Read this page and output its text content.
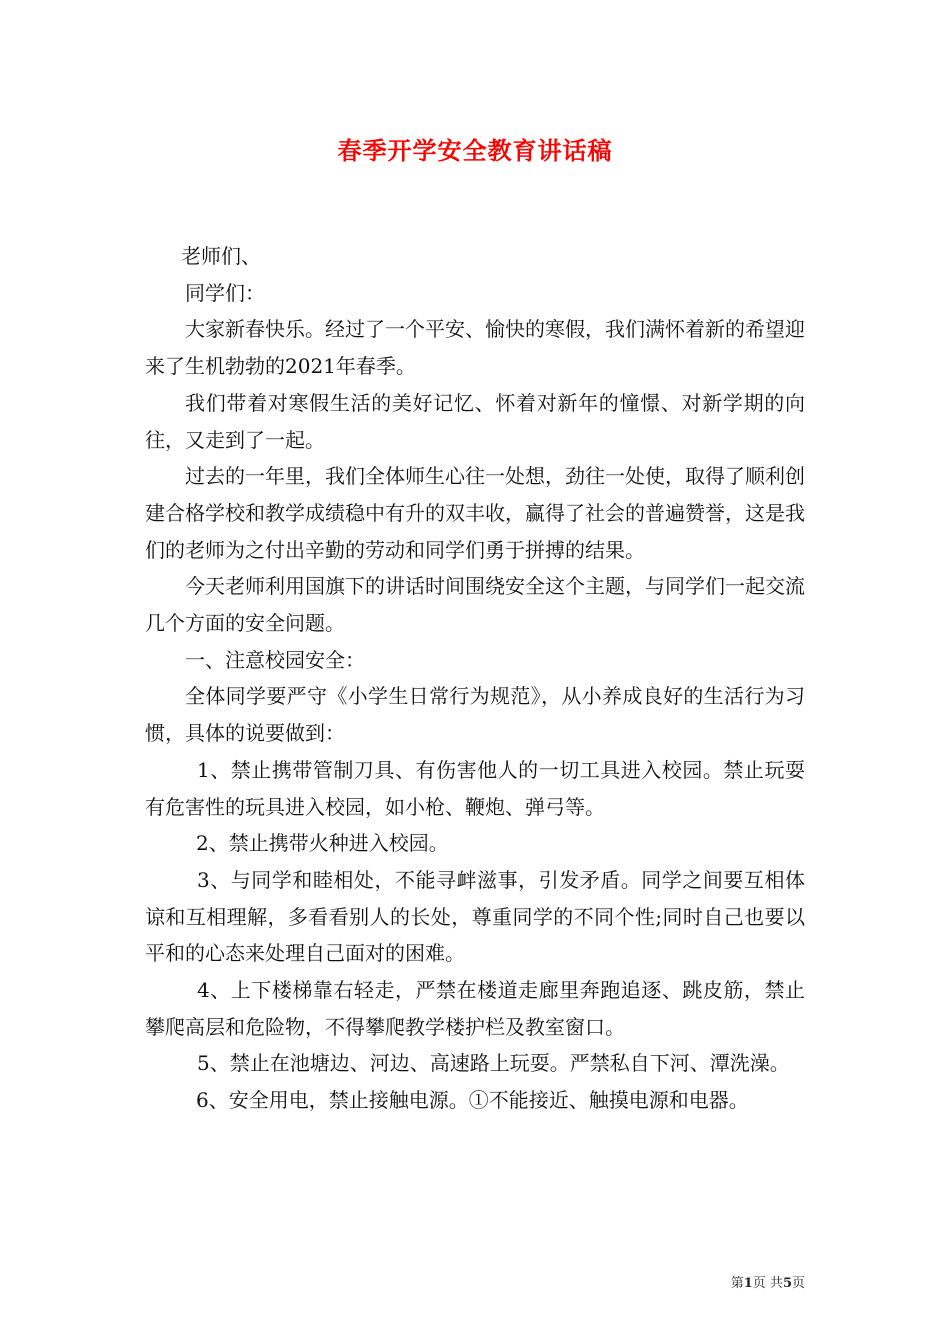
春季开学安全教育讲话稿

老师们、

同学们：

大家新春快乐。经过了一个平安、愉快的寒假，我们满怀着新的希望迎来了生机勃勃的2021年春季。

我们带着对寒假生活的美好记忆、怀着对新年的憧憬、对新学期的向往，又走到了一起。

过去的一年里，我们全体师生心往一处想，劲往一处使，取得了顺利创建合格学校和教学成绩稳中有升的双丰收，赢得了社会的普遍赞誉，这是我们的老师为之付出辛勤的劳动和同学们勇于拼搏的结果。

今天老师利用国旗下的讲话时间围绕安全这个主题，与同学们一起交流几个方面的安全问题。

一、注意校园安全：

全体同学要严守《小学生日常行为规范》，从小养成良好的生活行为习惯，具体的说要做到：

1、禁止携带管制刀具、有伤害他人的一切工具进入校园。禁止玩耍有危害性的玩具进入校园，如小枪、鞭炮、弹弓等。

2、禁止携带火种进入校园。

3、与同学和睦相处，不能寻衅滋事，引发矛盾。同学之间要互相体谅和互相理解，多看看别人的长处，尊重同学的不同个性;同时自己也要以平和的心态来处理自己面对的困难。

4、上下楼梯靠右轻走，严禁在楼道走廊里奔跑追逐、跳皮筋，禁止攀爬高层和危险物，不得攀爬教学楼护栏及教室窗口。

5、禁止在池塘边、河边、高速路上玩耍。严禁私自下河、潭洗澡。

6、安全用电，禁止接触电源。①不能接近、触摸电源和电器。

第1页 共5页
